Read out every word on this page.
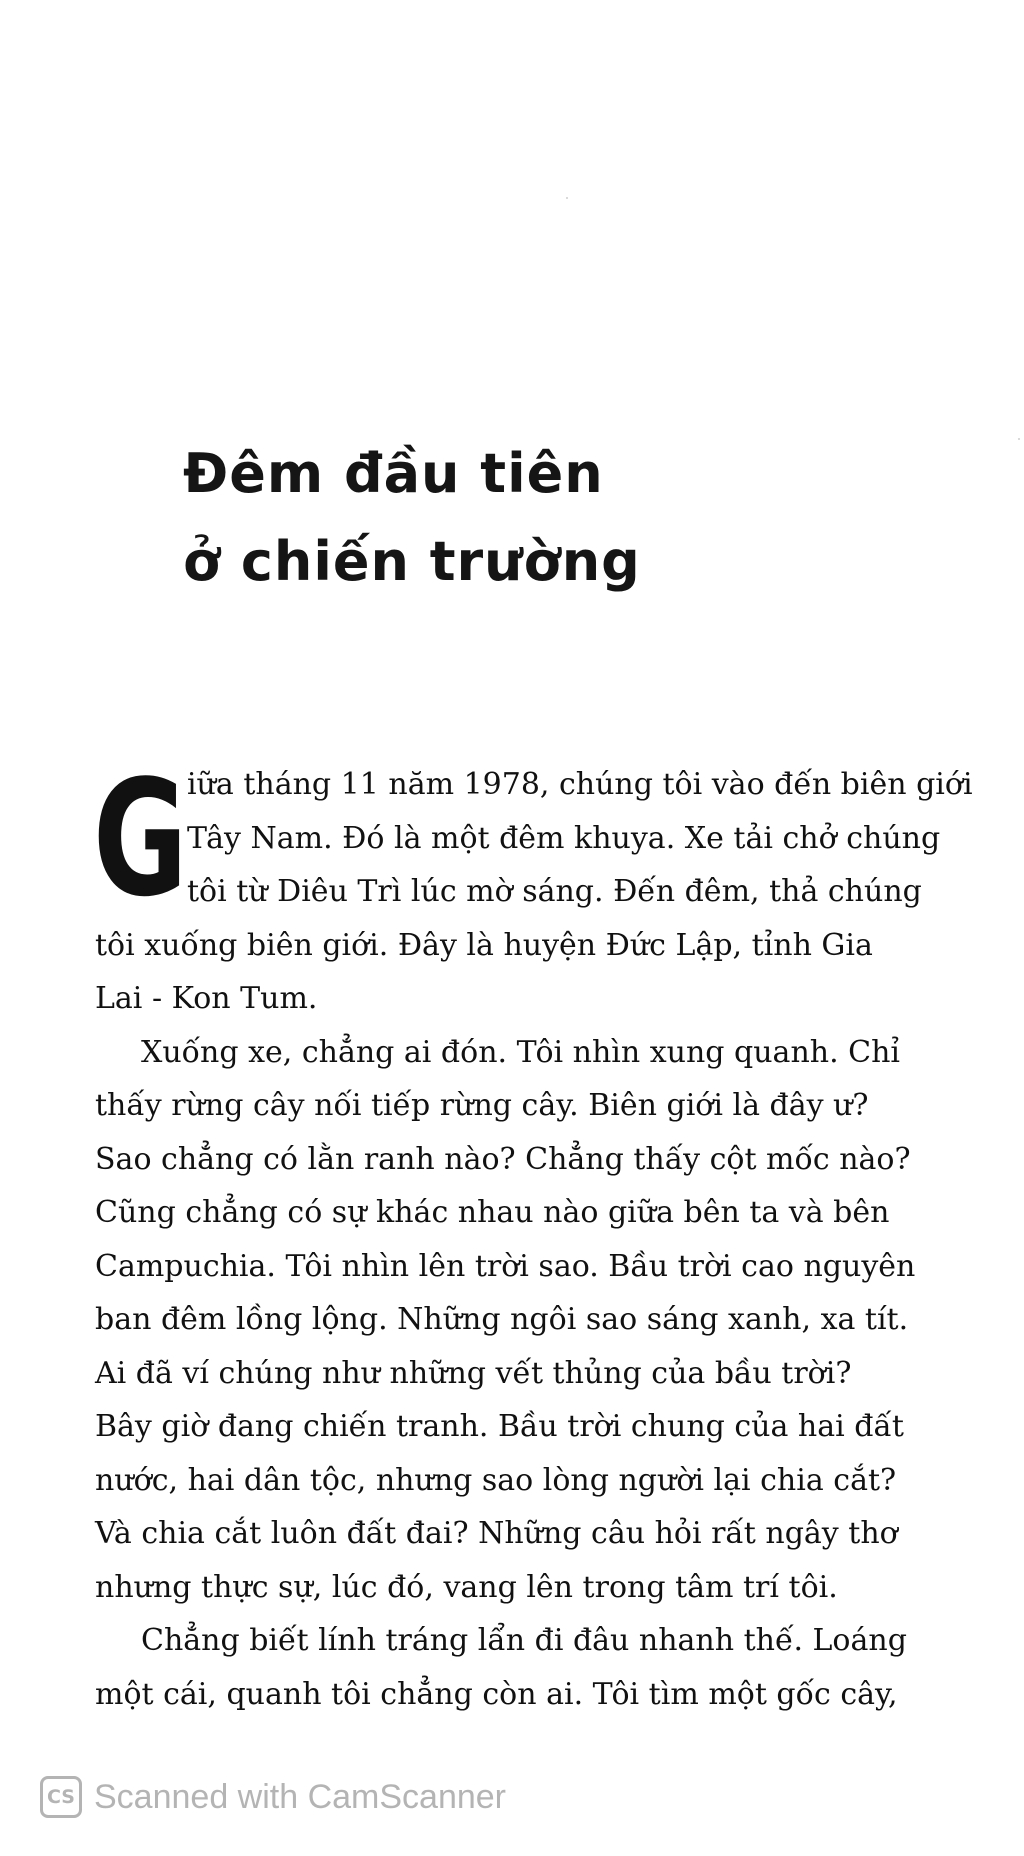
Đêm đầu tiên
ở chiến trường

G iữa tháng 11 năm 1978, chúng tôi vào đến biên giới
Tây Nam. Đó là một đêm khuya. Xe tải chở chúng
tôi từ Diêu Trì lúc mờ sáng. Đến đêm, thả chúng
tôi xuống biên giới. Đây là huyện Đức Lập, tỉnh Gia
Lai - Kon Tum.

Xuống xe, chẳng ai đón. Tôi nhìn xung quanh. Chỉ
thấy rừng cây nối tiếp rừng cây. Biên giới là đây ư?
Sao chẳng có lằn ranh nào? Chẳng thấy cột mốc nào?
Cũng chẳng có sự khác nhau nào giữa bên ta và bên
Campuchia. Tôi nhìn lên trời sao. Bầu trời cao nguyên
ban đêm lồng lộng. Những ngôi sao sáng xanh, xa tít.
Ai đã ví chúng như những vết thủng của bầu trời?
Bây giờ đang chiến tranh. Bầu trời chung của hai đất
nước, hai dân tộc, nhưng sao lòng người lại chia cắt?
Và chia cắt luôn đất đai? Những câu hỏi rất ngây thơ
nhưng thực sự, lúc đó, vang lên trong tâm trí tôi.

Chẳng biết lính tráng lẩn đi đâu nhanh thế. Loáng
một cái, quanh tôi chẳng còn ai. Tôi tìm một gốc cây,

CS Scanned with CamScanner
